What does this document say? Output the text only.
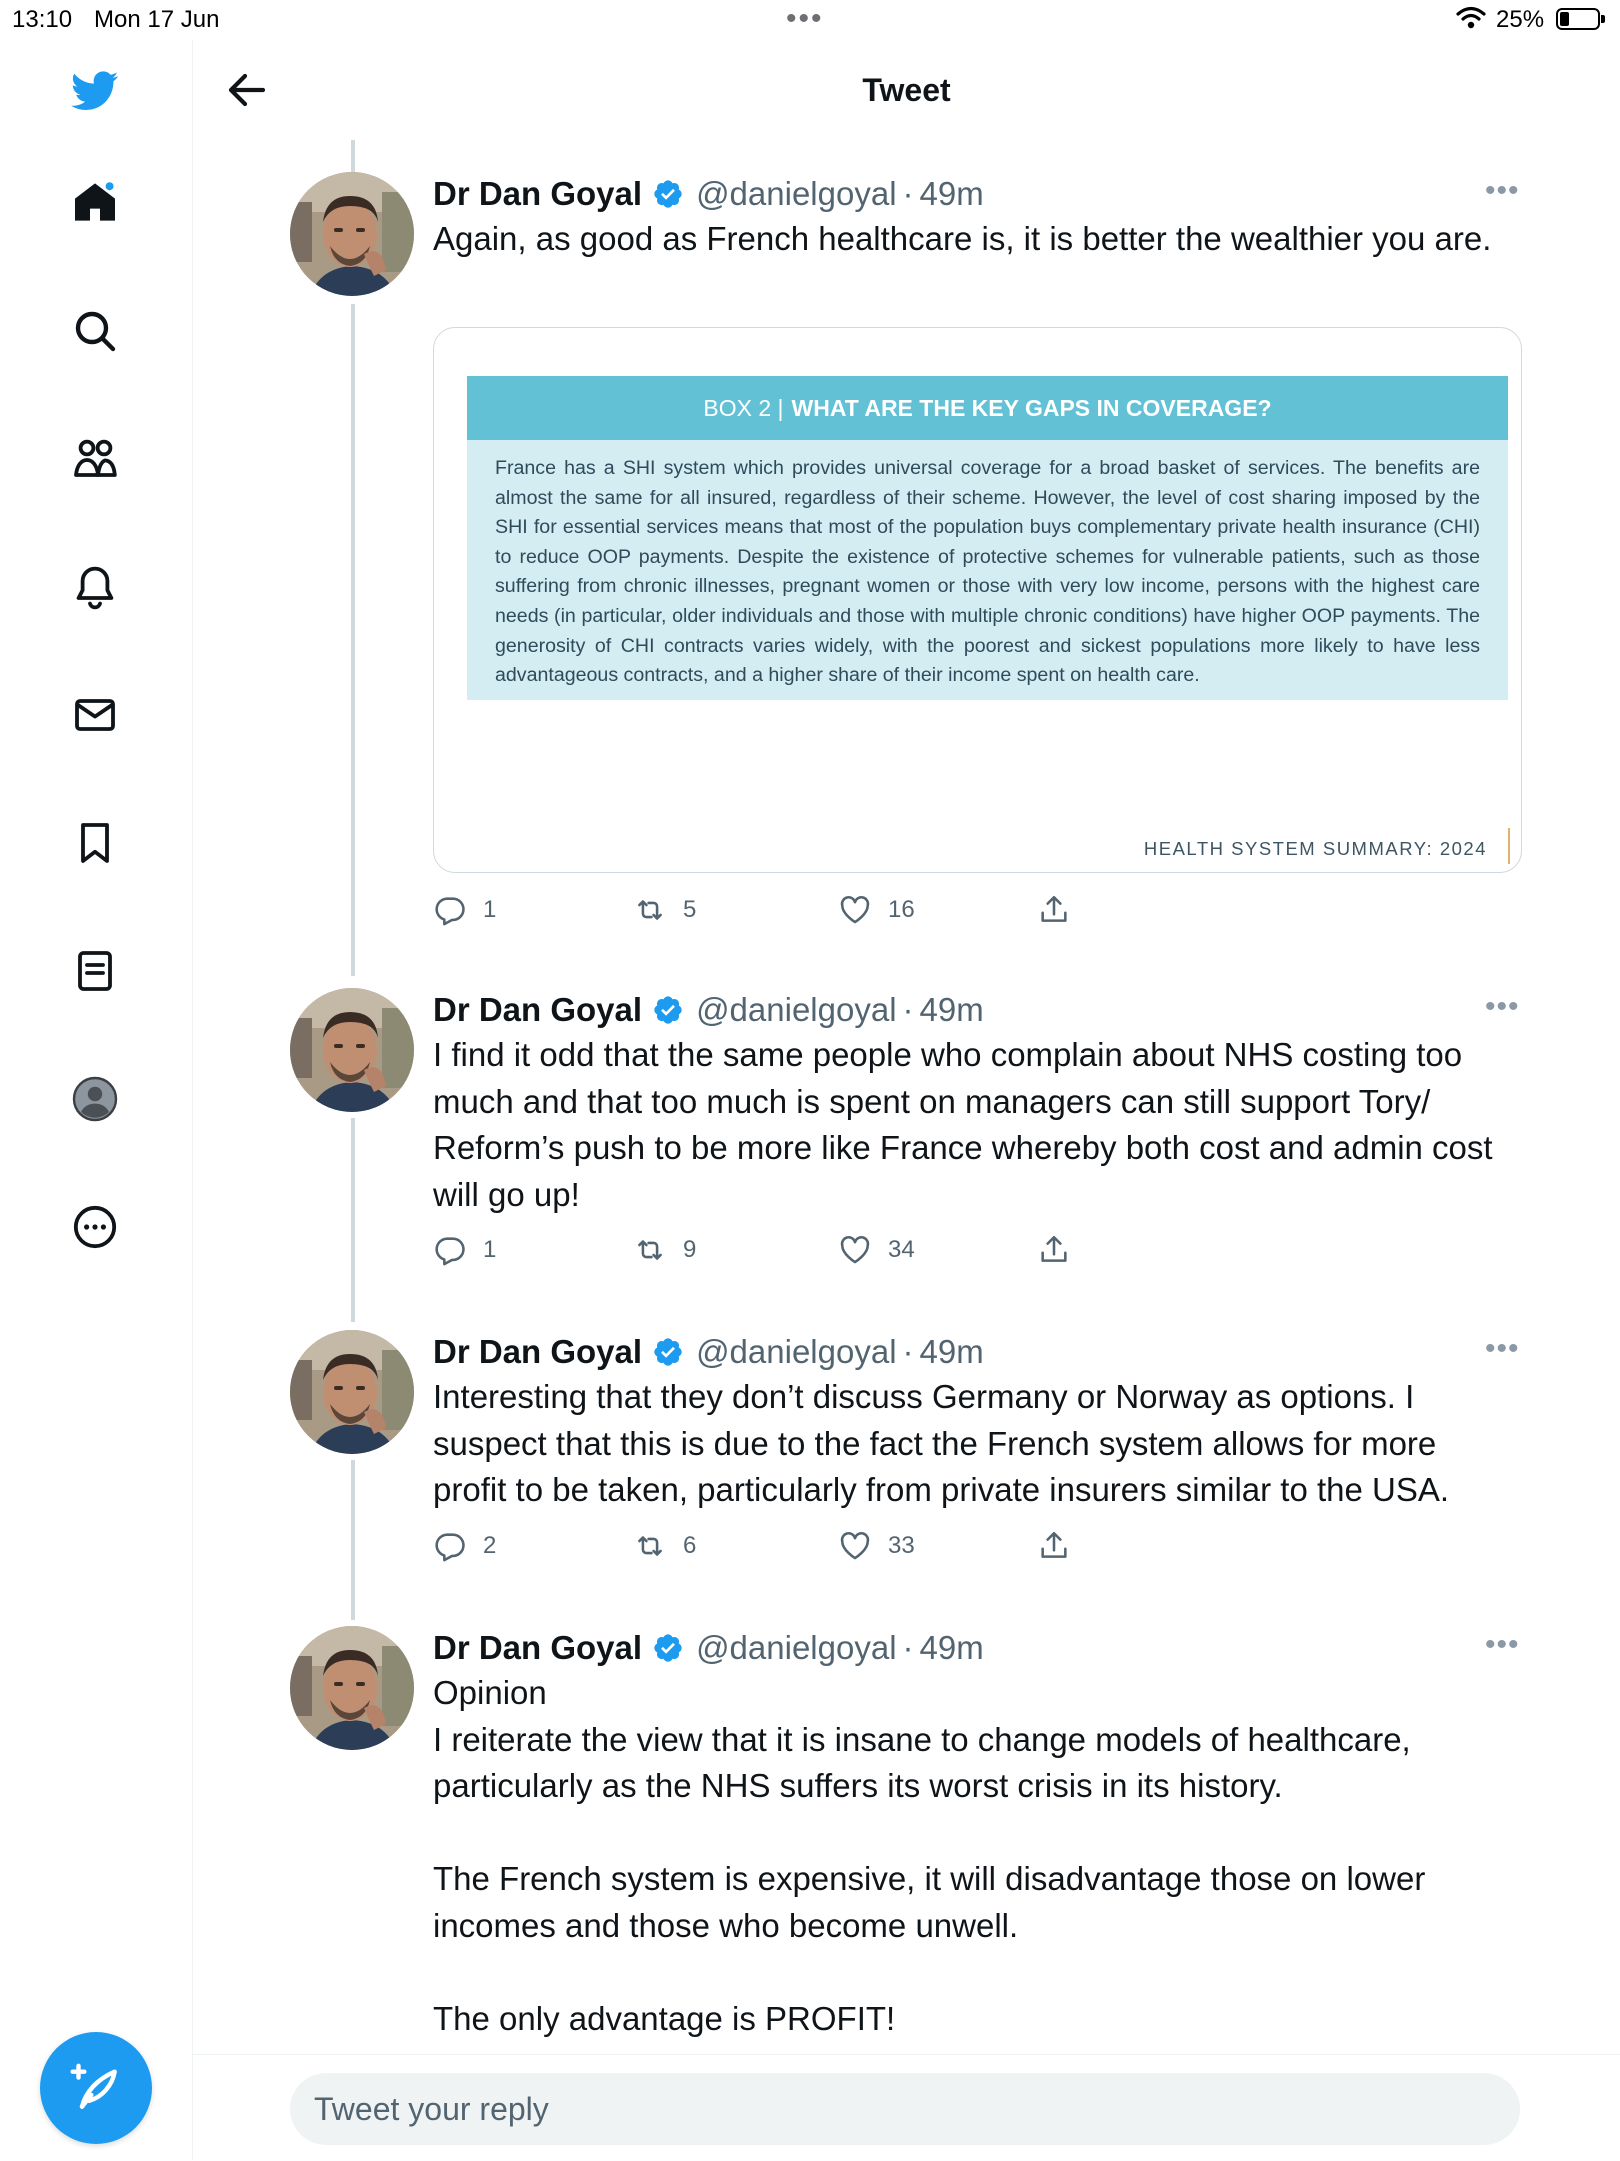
13:10 Mon 17 Jun	•••	25%
Tweet
Dr Dan Goyal @danielgoyal · 49m	•••
Again, as good as French healthcare is, it is better the wealthier you are.
BOX 2 | WHAT ARE THE KEY GAPS IN COVERAGE?
France has a SHI system which provides universal coverage for a broad basket of services. The benefits are almost the same for all insured, regardless of their scheme. However, the level of cost sharing imposed by the SHI for essential services means that most of the population buys complementary private health insurance (CHI) to reduce OOP payments. Despite the existence of protective schemes for vulnerable patients, such as those suffering from chronic illnesses, pregnant women or those with very low income, persons with the highest care needs (in particular, older individuals and those with multiple chronic conditions) have higher OOP payments. The generosity of CHI contracts varies widely, with the poorest and sickest populations more likely to have less advantageous contracts, and a higher share of their income spent on health care.
HEALTH SYSTEM SUMMARY: 2024
1	5	16
Dr Dan Goyal @danielgoyal · 49m	•••
I find it odd that the same people who complain about NHS costing too much and that too much is spent on managers can still support Tory/ Reform’s push to be more like France whereby both cost and admin cost will go up!
1	9	34
Dr Dan Goyal @danielgoyal · 49m	•••
Interesting that they don’t discuss Germany or Norway as options. I suspect that this is due to the fact the French system allows for more profit to be taken, particularly from private insurers similar to the USA.
2	6	33
Dr Dan Goyal @danielgoyal · 49m	•••
Opinion
I reiterate the view that it is insane to change models of healthcare, particularly as the NHS suffers its worst crisis in its history.

The French system is expensive, it will disadvantage those on lower incomes and those who become unwell.

The only advantage is PROFIT!
Tweet your reply
